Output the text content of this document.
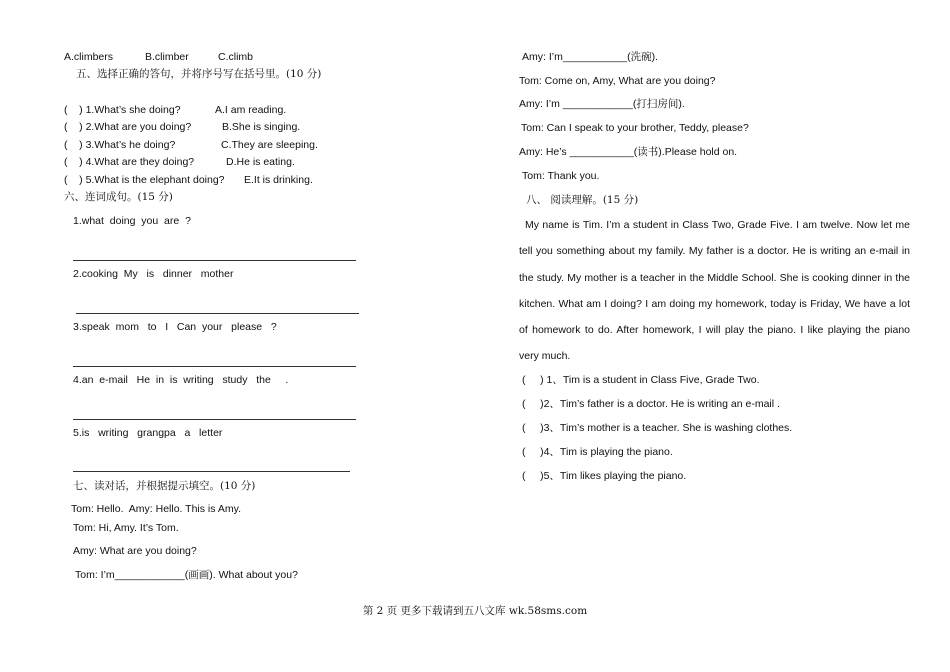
A.climbers	B.climber	C.climb
五、选择正确的答句，并将序号写在括号里。(10 分)
(    ) 1.What’s she doing?	A.I am reading.
(    ) 2.What are you doing?	B.She is singing.
(    ) 3.What’s he doing?	C.They are sleeping.
(    ) 4.What are they doing?	D.He is eating.
(    ) 5.What is the elephant doing? E.It is drinking.
六、连词成句。(15 分)
1.what  doing  you  are  ?
2.cooking  My   is   dinner   mother
3.speak  mom   to   I   Can  your   please   ?
4.an  e-mail   He  in  is  writing   study   the     .
5.is   writing   grangpa   a   letter
七、读对话，并根据提示填空。(10 分)
Tom: Hello.  Amy: Hello. This is Amy.
Tom: Hi, Amy. It’s Tom.
Amy: What are you doing?
Tom: I’m____________(画画). What about you?
Amy: I’m___________(洗碗).
Tom: Come on, Amy, What are you doing?
Amy: I’m ____________(打扫房间).
Tom: Can I speak to your brother, Teddy, please?
Amy: He’s ___________(读书).Please hold on.
Tom: Thank you.
八、 阅读理解。(15 分)
My name is Tim. I’m a student in Class Two, Grade Five. I am twelve. Now let me tell you something about my family. My father is a doctor. He is writing an e-mail in the study. My mother is a teacher in the Middle School. She is cooking dinner in the kitchen. What am I doing? I am doing my homework, today is Friday, We have a lot of homework to do. After homework, I will play the piano. I like playing the piano very much.
(     ) 1、Tim is a student in Class Five, Grade Two.
(     )2、Tim’s father is a doctor. He is writing an e-mail .
(     )3、Tim’s mother is a teacher. She is washing clothes.
(     )4、Tim is playing the piano.
(     )5、Tim likes playing the piano.
第 2 页 更多下载请到五八文库 wk.58sms.com
